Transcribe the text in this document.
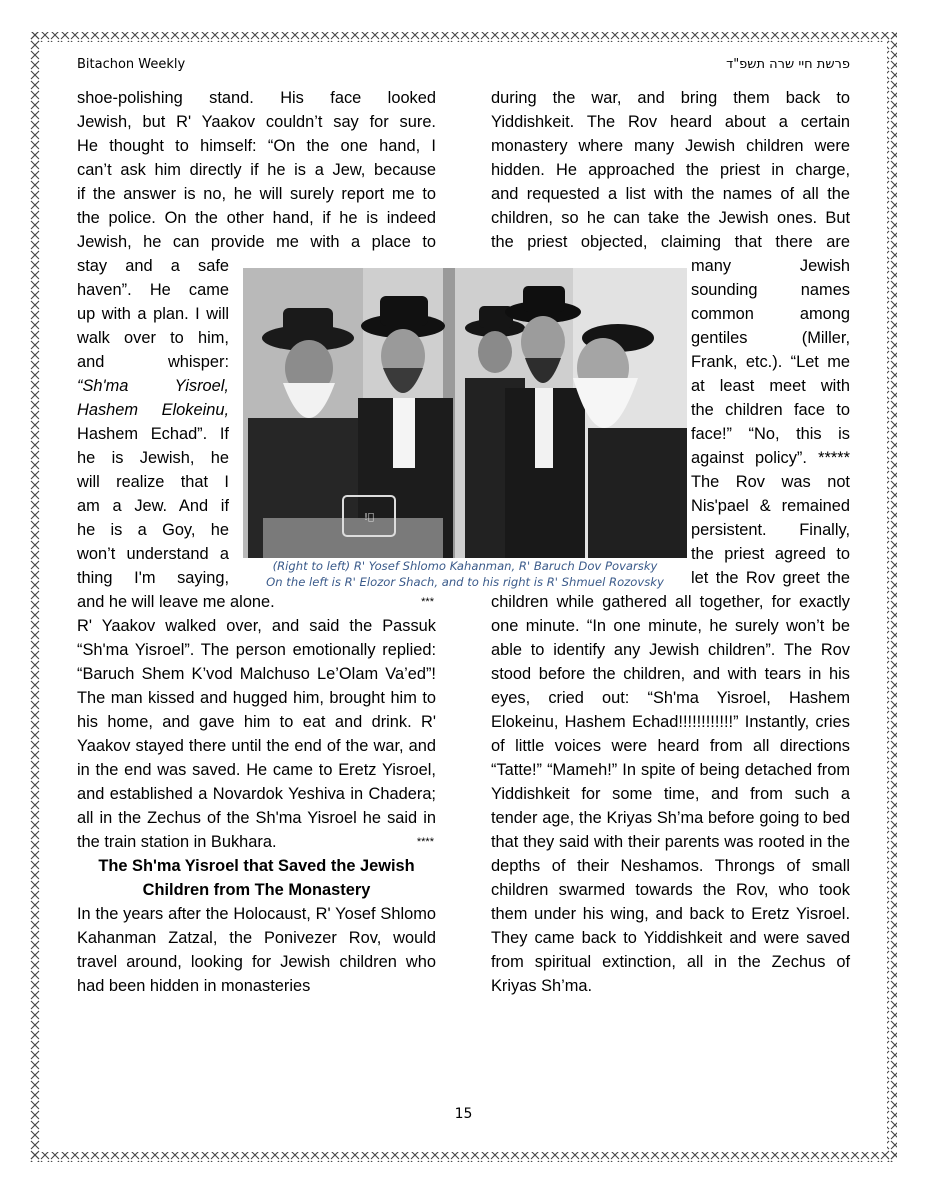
Bitachon Weekly	פרשת חיי שרה תשפ"ד
shoe-polishing stand. His face looked
Jewish, but R' Yaakov couldn’t say for sure.
He thought to himself: “On the one hand, I
can’t ask him directly if he is a Jew, because
if the answer is no, he will surely report me to
the police. On the other hand, if he is indeed
Jewish, he can provide me with a place to
stay and a safe
haven”. He came
up with a plan. I will
walk over to him,
and whisper:
“Sh'ma Yisroel,
Hashem Elokeinu,
Hashem Echad”. If
he is Jewish, he
will realize that I
am a Jew. And if
he is a Goy, he
won’t understand a
thing I'm saying,
and he will leave me alone.	***

R' Yaakov walked over, and said the Passuk “Sh'ma Yisroel”. The person emotionally replied: “Baruch Shem K’vod Malchuso Le’Olam Va’ed”! The man kissed and hugged him, brought him to his home, and gave him to eat and drink. R' Yaakov stayed there until the end of the war, and in the end was saved. He came to Eretz Yisroel, and established a Novardok Yeshiva in Chadera; all in the Zechus of the Sh'ma Yisroel he said in the train station in Bukhara.	****
The Sh'ma Yisroel that Saved the Jewish
Children from The Monastery

In the years after the Holocaust, R' Yosef Shlomo Kahanman Zatzal, the Ponivezer Rov, would travel around, looking for Jewish children who had been hidden in monasteries

during the war, and bring them back to
Yiddishkeit. The Rov heard about a certain
monastery where many Jewish children were
hidden. He approached the priest in charge,
and requested a list with the names of all the
children, so he can take the Jewish ones. But
the priest objected, claiming that there are
many Jewish
sounding names
common among
gentiles (Miller,
Frank, etc.). “Let me
at least meet with
the children face to
face!” “No, this is
against policy”. *****
The Rov was not
Nis'pael & remained
persistent. Finally,
the priest agreed to
let the Rov greet the

children while gathered all together, for exactly one minute. “In one minute, he surely won’t be able to identify any Jewish children”. The Rov stood before the children, and with tears in his eyes, cried out: “Sh'ma Yisroel, Hashem Elokeinu, Hashem Echad!!!!!!!!!!!!” Instantly, cries of little voices were heard from all directions “Tatte!” “Mameh!” In spite of being detached from Yiddishkeit for some time, and from such a tender age, the Kriyas Sh’ma before going to bed that they said with their parents was rooted in the depths of their Neshamos. Throngs of small children swarmed towards the Rov, who took them under his wing, and back to Eretz Yisroel. They came back to Yiddishkeit and were saved from spiritual extinction, all in the Zechus of Kriyas Sh’ma.

!⃝
(Right to left) R' Yosef Shlomo Kahanman, R' Baruch Dov Povarsky
On the left is R' Elozor Shach, and to his right is R' Shmuel Rozovsky
15
